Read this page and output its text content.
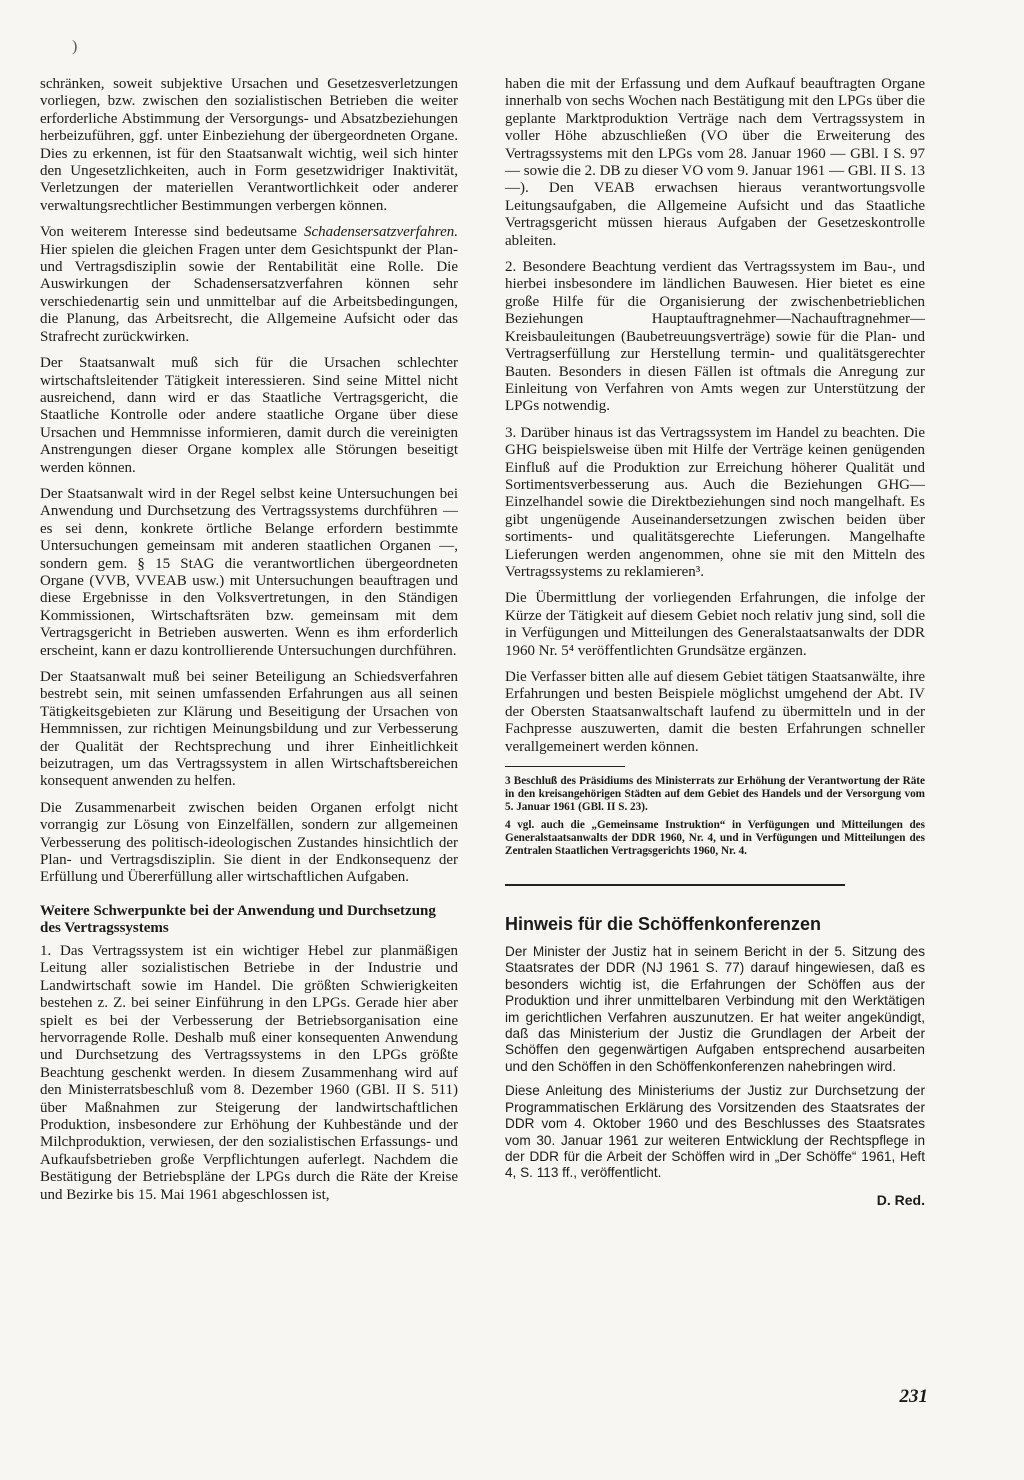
)

schränken, soweit subjektive Ursachen und Gesetzesverletzungen vorliegen, bzw. zwischen den sozialistischen Betrieben die weiter erforderliche Abstimmung der Versorgungs- und Absatzbeziehungen herbeizuführen, ggf. unter Einbeziehung der übergeordneten Organe. Dies zu erkennen, ist für den Staatsanwalt wichtig, weil sich hinter den Ungesetzlichkeiten, auch in Form gesetzwidriger Inaktivität, Verletzungen der materiellen Verantwortlichkeit oder anderer verwaltungsrechtlicher Bestimmungen verbergen können.

Von weiterem Interesse sind bedeutsame Schadensersatzverfahren. Hier spielen die gleichen Fragen unter dem Gesichtspunkt der Plan- und Vertragsdisziplin sowie der Rentabilität eine Rolle. Die Auswirkungen der Schadensersatzverfahren können sehr verschiedenartig sein und unmittelbar auf die Arbeitsbedingungen, die Planung, das Arbeitsrecht, die Allgemeine Aufsicht oder das Strafrecht zurückwirken.

Der Staatsanwalt muß sich für die Ursachen schlechter wirtschaftsleitender Tätigkeit interessieren. Sind seine Mittel nicht ausreichend, dann wird er das Staatliche Vertragsgericht, die Staatliche Kontrolle oder andere staatliche Organe über diese Ursachen und Hemmnisse informieren, damit durch die vereinigten Anstrengungen dieser Organe komplex alle Störungen beseitigt werden können.

Der Staatsanwalt wird in der Regel selbst keine Untersuchungen bei Anwendung und Durchsetzung des Vertragssystems durchführen — es sei denn, konkrete örtliche Belange erfordern bestimmte Untersuchungen gemeinsam mit anderen staatlichen Organen —, sondern gem. § 15 StAG die verantwortlichen übergeordneten Organe (VVB, VVEAB usw.) mit Untersuchungen beauftragen und diese Ergebnisse in den Volksvertretungen, in den Ständigen Kommissionen, Wirtschaftsräten bzw. gemeinsam mit dem Vertragsgericht in Betrieben auswerten. Wenn es ihm erforderlich erscheint, kann er dazu kontrollierende Untersuchungen durchführen.

Der Staatsanwalt muß bei seiner Beteiligung an Schiedsverfahren bestrebt sein, mit seinen umfassenden Erfahrungen aus all seinen Tätigkeitsgebieten zur Klärung und Beseitigung der Ursachen von Hemmnissen, zur richtigen Meinungsbildung und zur Verbesserung der Qualität der Rechtsprechung und ihrer Einheitlichkeit beizutragen, um das Vertragssystem in allen Wirtschaftsbereichen konsequent anwenden zu helfen.

Die Zusammenarbeit zwischen beiden Organen erfolgt nicht vorrangig zur Lösung von Einzelfällen, sondern zur allgemeinen Verbesserung des politisch-ideologischen Zustandes hinsichtlich der Plan- und Vertragsdisziplin. Sie dient in der Endkonsequenz der Erfüllung und Übererfüllung aller wirtschaftlichen Aufgaben.

Weitere Schwerpunkte bei der Anwendung und Durchsetzung des Vertragssystems

1. Das Vertragssystem ist ein wichtiger Hebel zur planmäßigen Leitung aller sozialistischen Betriebe in der Industrie und Landwirtschaft sowie im Handel. Die größten Schwierigkeiten bestehen z. Z. bei seiner Einführung in den LPGs. Gerade hier aber spielt es bei der Verbesserung der Betriebsorganisation eine hervorragende Rolle. Deshalb muß einer konsequenten Anwendung und Durchsetzung des Vertragssystems in den LPGs größte Beachtung geschenkt werden. In diesem Zusammenhang wird auf den Ministerratsbeschluß vom 8. Dezember 1960 (GBl. II S. 511) über Maßnahmen zur Steigerung der landwirtschaftlichen Produktion, insbesondere zur Erhöhung der Kuhbestände und der Milchproduktion, verwiesen, der den sozialistischen Erfassungs- und Aufkaufsbetrieben große Verpflichtungen auferlegt. Nachdem die Bestätigung der Betriebspläne der LPGs durch die Räte der Kreise und Bezirke bis 15. Mai 1961 abgeschlossen ist,

haben die mit der Erfassung und dem Aufkauf beauftragten Organe innerhalb von sechs Wochen nach Bestätigung mit den LPGs über die geplante Marktproduktion Verträge nach dem Vertragssystem in voller Höhe abzuschließen (VO über die Erweiterung des Vertragssystems mit den LPGs vom 28. Januar 1960 — GBl. I S. 97 — sowie die 2. DB zu dieser VO vom 9. Januar 1961 — GBl. II S. 13 —). Den VEAB erwachsen hieraus verantwortungsvolle Leitungsaufgaben, die Allgemeine Aufsicht und das Staatliche Vertragsgericht müssen hieraus Aufgaben der Gesetzeskontrolle ableiten.

2. Besondere Beachtung verdient das Vertragssystem im Bau-, und hierbei insbesondere im ländlichen Bauwesen. Hier bietet es eine große Hilfe für die Organisierung der zwischenbetrieblichen Beziehungen Hauptauftragnehmer—Nachauftragnehmer—Kreisbauleitungen (Baubetreuungsverträge) sowie für die Plan- und Vertragserfüllung zur Herstellung termin- und qualitätsgerechter Bauten. Besonders in diesen Fällen ist oftmals die Anregung zur Einleitung von Verfahren von Amts wegen zur Unterstützung der LPGs notwendig.

3. Darüber hinaus ist das Vertragssystem im Handel zu beachten. Die GHG beispielsweise üben mit Hilfe der Verträge keinen genügenden Einfluß auf die Produktion zur Erreichung höherer Qualität und Sortimentsverbesserung aus. Auch die Beziehungen GHG—Einzelhandel sowie die Direktbeziehungen sind noch mangelhaft. Es gibt ungenügende Auseinandersetzungen zwischen beiden über sortiments- und qualitätsgerechte Lieferungen. Mangelhafte Lieferungen werden angenommen, ohne sie mit den Mitteln des Vertragssystems zu reklamieren³.

Die Übermittlung der vorliegenden Erfahrungen, die infolge der Kürze der Tätigkeit auf diesem Gebiet noch relativ jung sind, soll die in Verfügungen und Mitteilungen des Generalstaatsanwalts der DDR 1960 Nr. 5⁴ veröffentlichten Grundsätze ergänzen.

Die Verfasser bitten alle auf diesem Gebiet tätigen Staatsanwälte, ihre Erfahrungen und besten Beispiele möglichst umgehend der Abt. IV der Obersten Staatsanwaltschaft laufend zu übermitteln und in der Fachpresse auszuwerten, damit die besten Erfahrungen schneller verallgemeinert werden können.

3 Beschluß des Präsidiums des Ministerrats zur Erhöhung der Verantwortung der Räte in den kreisangehörigen Städten auf dem Gebiet des Handels und der Versorgung vom 5. Januar 1961 (GBl. II S. 23).

4 vgl. auch die „Gemeinsame Instruktion“ in Verfügungen und Mitteilungen des Generalstaatsanwalts der DDR 1960, Nr. 4, und in Verfügungen und Mitteilungen des Zentralen Staatlichen Vertragsgerichts 1960, Nr. 4.

Hinweis für die Schöffenkonferenzen

Der Minister der Justiz hat in seinem Bericht in der 5. Sitzung des Staatsrates der DDR (NJ 1961 S. 77) darauf hingewiesen, daß es besonders wichtig ist, die Erfahrungen der Schöffen aus der Produktion und ihrer unmittelbaren Verbindung mit den Werktätigen im gerichtlichen Verfahren auszunutzen. Er hat weiter angekündigt, daß das Ministerium der Justiz die Grundlagen der Arbeit der Schöffen den gegenwärtigen Aufgaben entsprechend ausarbeiten und den Schöffen in den Schöffenkonferenzen nahebringen wird.

Diese Anleitung des Ministeriums der Justiz zur Durchsetzung der Programmatischen Erklärung des Vorsitzenden des Staatsrates der DDR vom 4. Oktober 1960 und des Beschlusses des Staatsrates vom 30. Januar 1961 zur weiteren Entwicklung der Rechtspflege in der DDR für die Arbeit der Schöffen wird in „Der Schöffe“ 1961, Heft 4, S. 113 ff., veröffentlicht.

D. Red.

231
